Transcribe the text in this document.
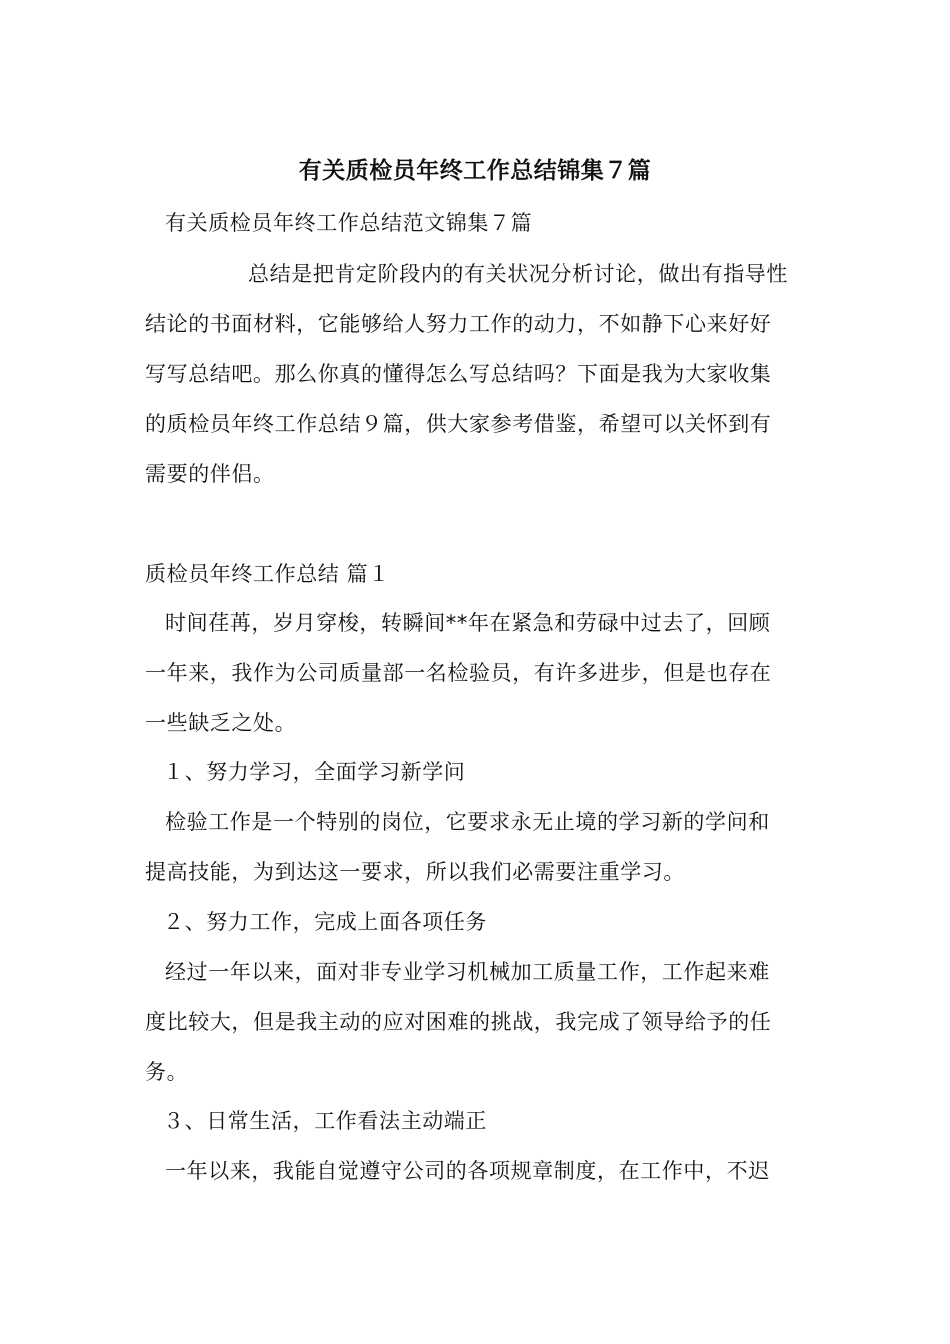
有关质检员年终工作总结锦集７篇
有关质检员年终工作总结范文锦集７篇
总结是把肯定阶段内的有关状况分析讨论，做出有指导性
结论的书面材料，它能够给人努力工作的动力，不如静下心来好好
写写总结吧。那么你真的懂得怎么写总结吗？下面是我为大家收集
的质检员年终工作总结９篇，供大家参考借鉴，希望可以关怀到有
需要的伴侣。
质检员年终工作总结 篇１
时间荏苒，岁月穿梭，转瞬间**年在紧急和劳碌中过去了，回顾
一年来，我作为公司质量部一名检验员，有许多进步，但是也存在
一些缺乏之处。
１、努力学习，全面学习新学问
检验工作是一个特别的岗位，它要求永无止境的学习新的学问和
提高技能，为到达这一要求，所以我们必需要注重学习。
２、努力工作，完成上面各项任务
经过一年以来，面对非专业学习机械加工质量工作，工作起来难
度比较大，但是我主动的应对困难的挑战，我完成了领导给予的任
务。
３、日常生活，工作看法主动端正
一年以来，我能自觉遵守公司的各项规章制度，在工作中，不迟
